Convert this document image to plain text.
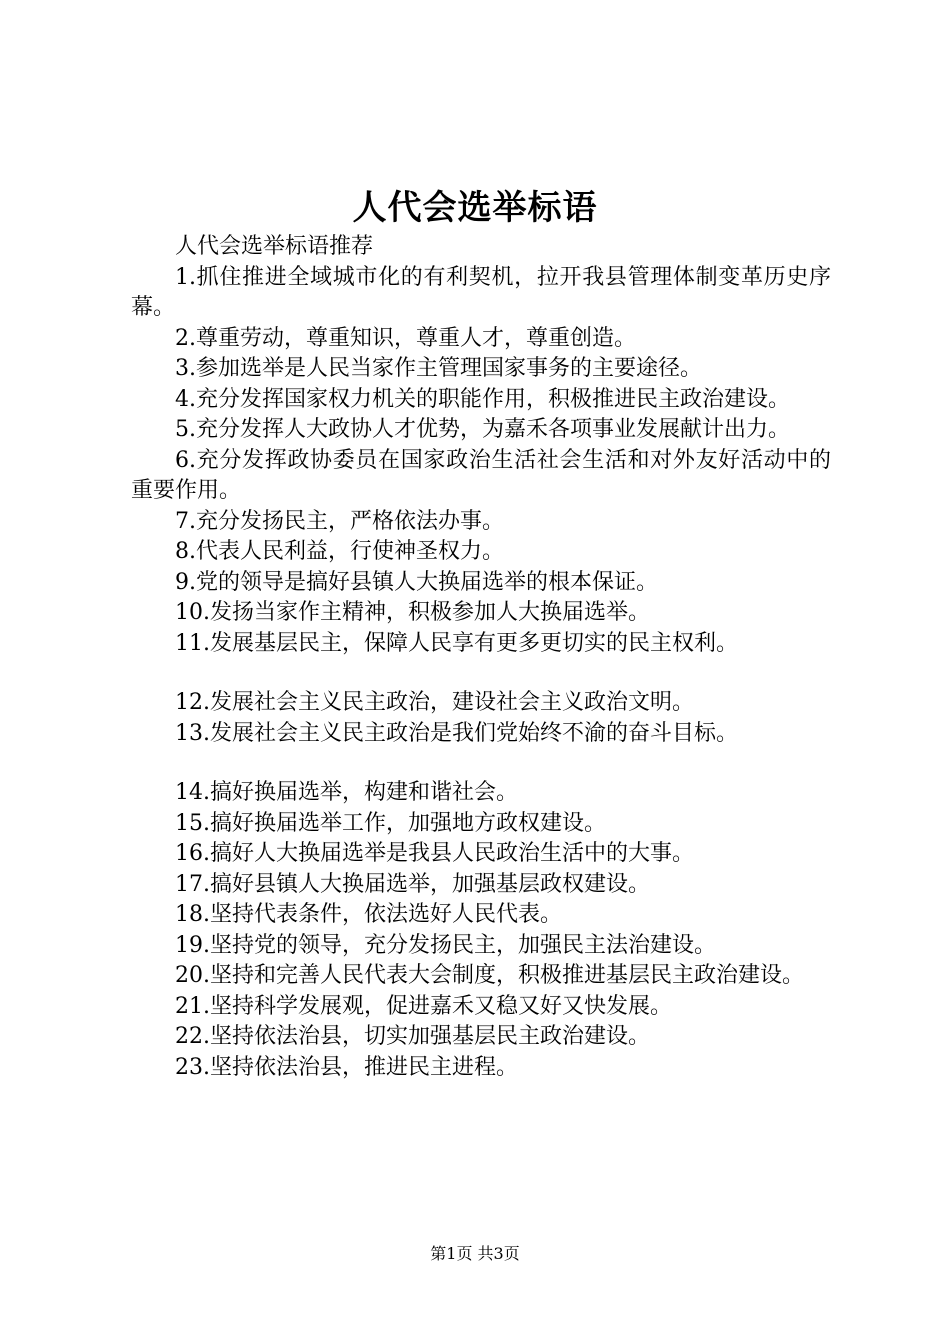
人代会选举标语

人代会选举标语推荐

1.抓住推进全域城市化的有利契机，拉开我县管理体制变革历史序幕。

2.尊重劳动，尊重知识，尊重人才，尊重创造。

3.参加选举是人民当家作主管理国家事务的主要途径。

4.充分发挥国家权力机关的职能作用，积极推进民主政治建设。

5.充分发挥人大政协人才优势，为嘉禾各项事业发展献计出力。

6.充分发挥政协委员在国家政治生活社会生活和对外友好活动中的重要作用。

7.充分发扬民主，严格依法办事。

8.代表人民利益，行使神圣权力。

9.党的领导是搞好县镇人大换届选举的根本保证。

10.发扬当家作主精神，积极参加人大换届选举。

11.发展基层民主，保障人民享有更多更切实的民主权利。

12.发展社会主义民主政治，建设社会主义政治文明。

13.发展社会主义民主政治是我们党始终不渝的奋斗目标。

14.搞好换届选举，构建和谐社会。

15.搞好换届选举工作，加强地方政权建设。

16.搞好人大换届选举是我县人民政治生活中的大事。

17.搞好县镇人大换届选举，加强基层政权建设。

18.坚持代表条件，依法选好人民代表。

19.坚持党的领导，充分发扬民主，加强民主法治建设。

20.坚持和完善人民代表大会制度，积极推进基层民主政治建设。

21.坚持科学发展观，促进嘉禾又稳又好又快发展。

22.坚持依法治县，切实加强基层民主政治建设。

23.坚持依法治县，推进民主进程。

第1页 共3页
